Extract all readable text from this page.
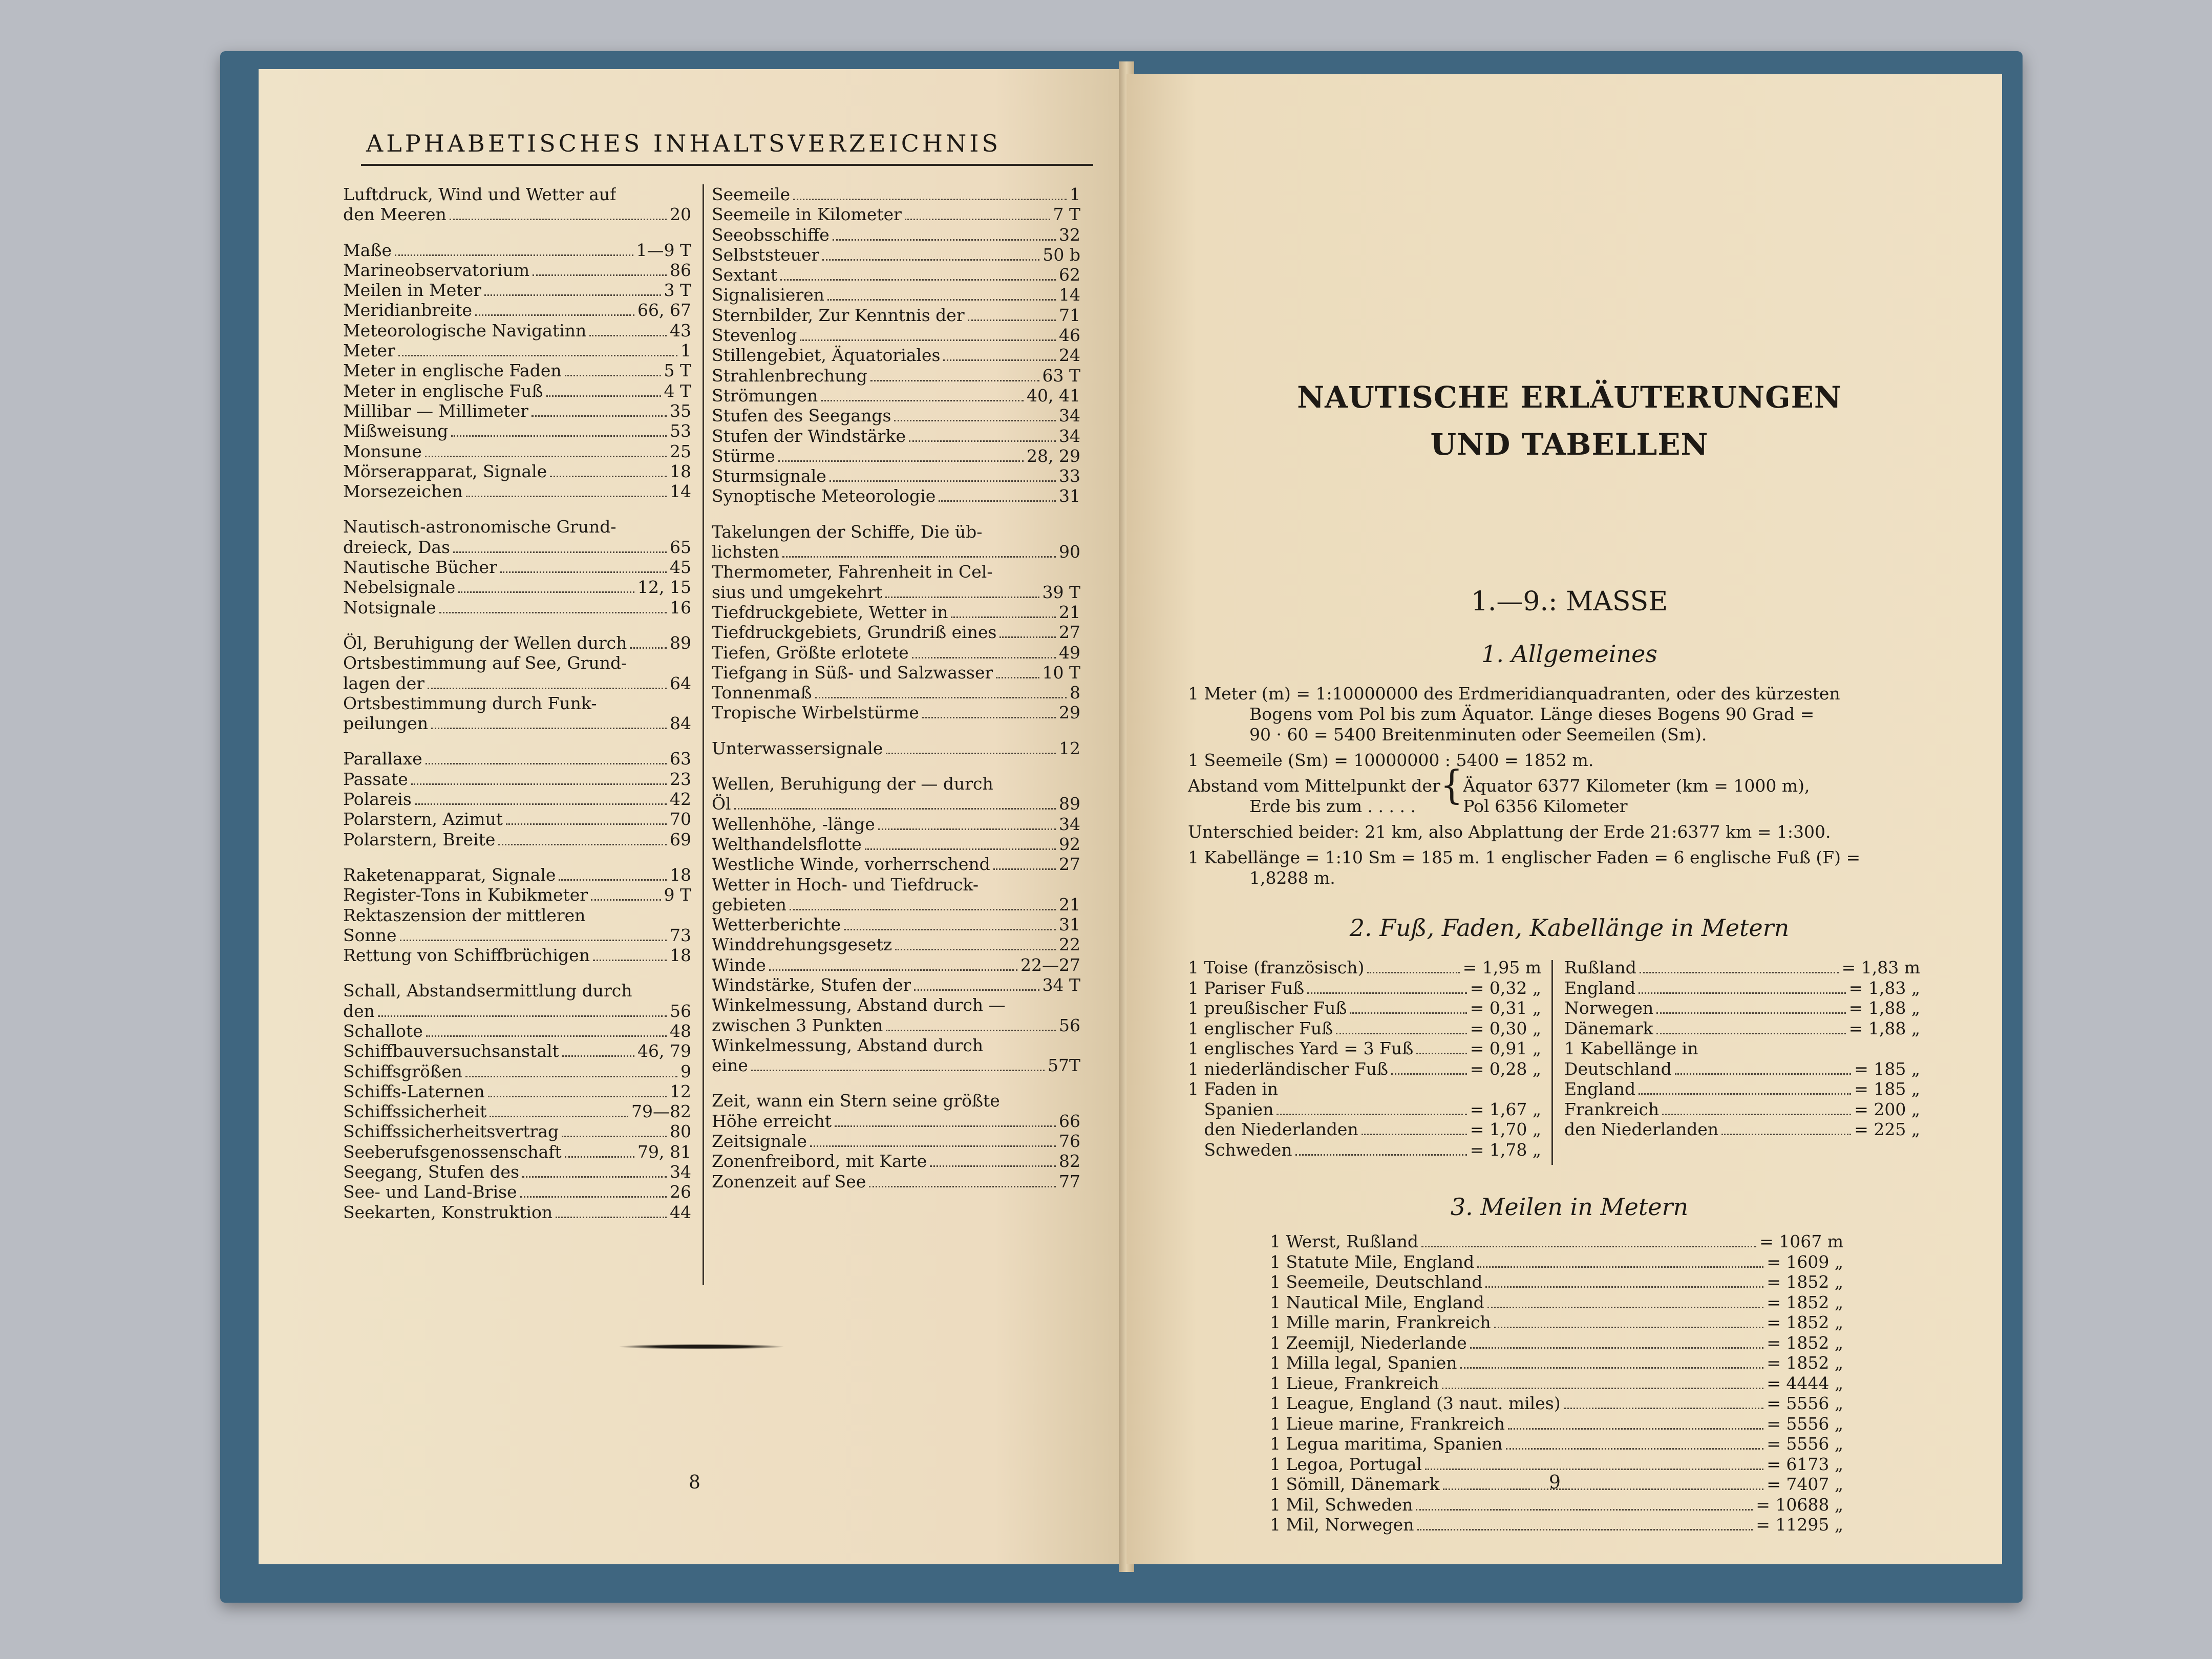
ALPHABETISCHES INHALTSVERZEICHNIS
Luftdruck, Wind und Wetter auf
den Meeren	20
Maße	1—9 T
Marineobservatorium	86
Meilen in Meter	3 T
Meridianbreite	66, 67
Meteorologische Navigatinn	43
Meter	1
Meter in englische Faden	5 T
Meter in englische Fuß	4 T
Millibar — Millimeter	35
Mißweisung	53
Monsune	25
Mörserapparat, Signale	18
Morsezeichen	14
Nautisch-astronomische Grund-
dreieck, Das	65
Nautische Bücher	45
Nebelsignale	12, 15
Notsignale	16
Öl, Beruhigung der Wellen durch	89
Ortsbestimmung auf See, Grund-
lagen der	64
Ortsbestimmung durch Funk-
peilungen	84
Parallaxe	63
Passate	23
Polareis	42
Polarstern, Azimut	70
Polarstern, Breite	69
Raketenapparat, Signale	18
Register-Tons in Kubikmeter	9 T
Rektaszension der mittleren
Sonne	73
Rettung von Schiffbrüchigen	18
Schall, Abstandsermittlung durch
den	56
Schallote	48
Schiffbauversuchsanstalt	46, 79
Schiffsgrößen	9
Schiffs-Laternen	12
Schiffssicherheit	79—82
Schiffssicherheitsvertrag	80
Seeberufsgenossenschaft	79, 81
Seegang, Stufen des	34
See- und Land-Brise	26
Seekarten, Konstruktion	44
Seemeile	1
Seemeile in Kilometer	7 T
Seeobsschiffe	32
Selbststeuer	50 b
Sextant	62
Signalisieren	14
Sternbilder, Zur Kenntnis der	71
Stevenlog	46
Stillengebiet, Äquatoriales	24
Strahlenbrechung	63 T
Strömungen	40, 41
Stufen des Seegangs	34
Stufen der Windstärke	34
Stürme	28, 29
Sturmsignale	33
Synoptische Meteorologie	31
Takelungen der Schiffe, Die üb-
lichsten	90
Thermometer, Fahrenheit in Cel-
sius und umgekehrt	39 T
Tiefdruckgebiete, Wetter in	21
Tiefdruckgebiets, Grundriß eines	27
Tiefen, Größte erlotete	49
Tiefgang in Süß- und Salzwasser	10 T
Tonnenmaß	8
Tropische Wirbelstürme	29
Unterwassersignale	12
Wellen, Beruhigung der — durch
Öl	89
Wellenhöhe, -länge	34
Welthandelsflotte	92
Westliche Winde, vorherrschend	27
Wetter in Hoch- und Tiefdruck-
gebieten	21
Wetterberichte	31
Winddrehungsgesetz	22
Winde	22—27
Windstärke, Stufen der	34 T
Winkelmessung, Abstand durch —
zwischen 3 Punkten	56
Winkelmessung, Abstand durch
eine	57T
Zeit, wann ein Stern seine größte
Höhe erreicht	66
Zeitsignale	76
Zonenfreibord, mit Karte	82
Zonenzeit auf See	77
8
NAUTISCHE ERLÄUTERUNGEN
UND TABELLEN
1.—9.: MASSE
1. Allgemeines
1 Meter (m) = 1:10000000 des Erdmeridianquadranten, oder des kürzesten
Bogens vom Pol bis zum Äquator. Länge dieses Bogens 90 Grad =
90 · 60 = 5400 Breitenminuten oder Seemeilen (Sm).
1 Seemeile (Sm) = 10000000 : 5400 = 1852 m.
Abstand vom Mittelpunkt der
Erde bis zum . . . . . { Äquator 6377 Kilometer (km = 1000 m),
Pol 6356 Kilometer
Unterschied beider: 21 km, also Abplattung der Erde 21:6377 km = 1:300.
1 Kabellänge = 1:10 Sm = 185 m. 1 englischer Faden = 6 englische Fuß (F) =
1,8288 m.
2. Fuß, Faden, Kabellänge in Metern
1 Toise (französisch)	= 1,95 m
1 Pariser Fuß	= 0,32 „
1 preußischer Fuß	= 0,31 „
1 englischer Fuß	= 0,30 „
1 englisches Yard = 3 Fuß	= 0,91 „
1 niederländischer Fuß	= 0,28 „
1 Faden in
Spanien	= 1,67 „
den Niederlanden	= 1,70 „
Schweden	= 1,78 „
Rußland	= 1,83 m
England	= 1,83 „
Norwegen	= 1,88 „
Dänemark	= 1,88 „
1 Kabellänge in
Deutschland	= 185 „
England	= 185 „
Frankreich	= 200 „
den Niederlanden	= 225 „
3. Meilen in Metern
1 Werst, Rußland	= 1067 m
1 Statute Mile, England	= 1609 „
1 Seemeile, Deutschland	= 1852 „
1 Nautical Mile, England	= 1852 „
1 Mille marin, Frankreich	= 1852 „
1 Zeemijl, Niederlande	= 1852 „
1 Milla legal, Spanien	= 1852 „
1 Lieue, Frankreich	= 4444 „
1 League, England (3 naut. miles)	= 5556 „
1 Lieue marine, Frankreich	= 5556 „
1 Legua maritima, Spanien	= 5556 „
1 Legoa, Portugal	= 6173 „
1 Sömill, Dänemark	= 7407 „
1 Mil, Schweden	= 10688 „
1 Mil, Norwegen	= 11295 „
9
